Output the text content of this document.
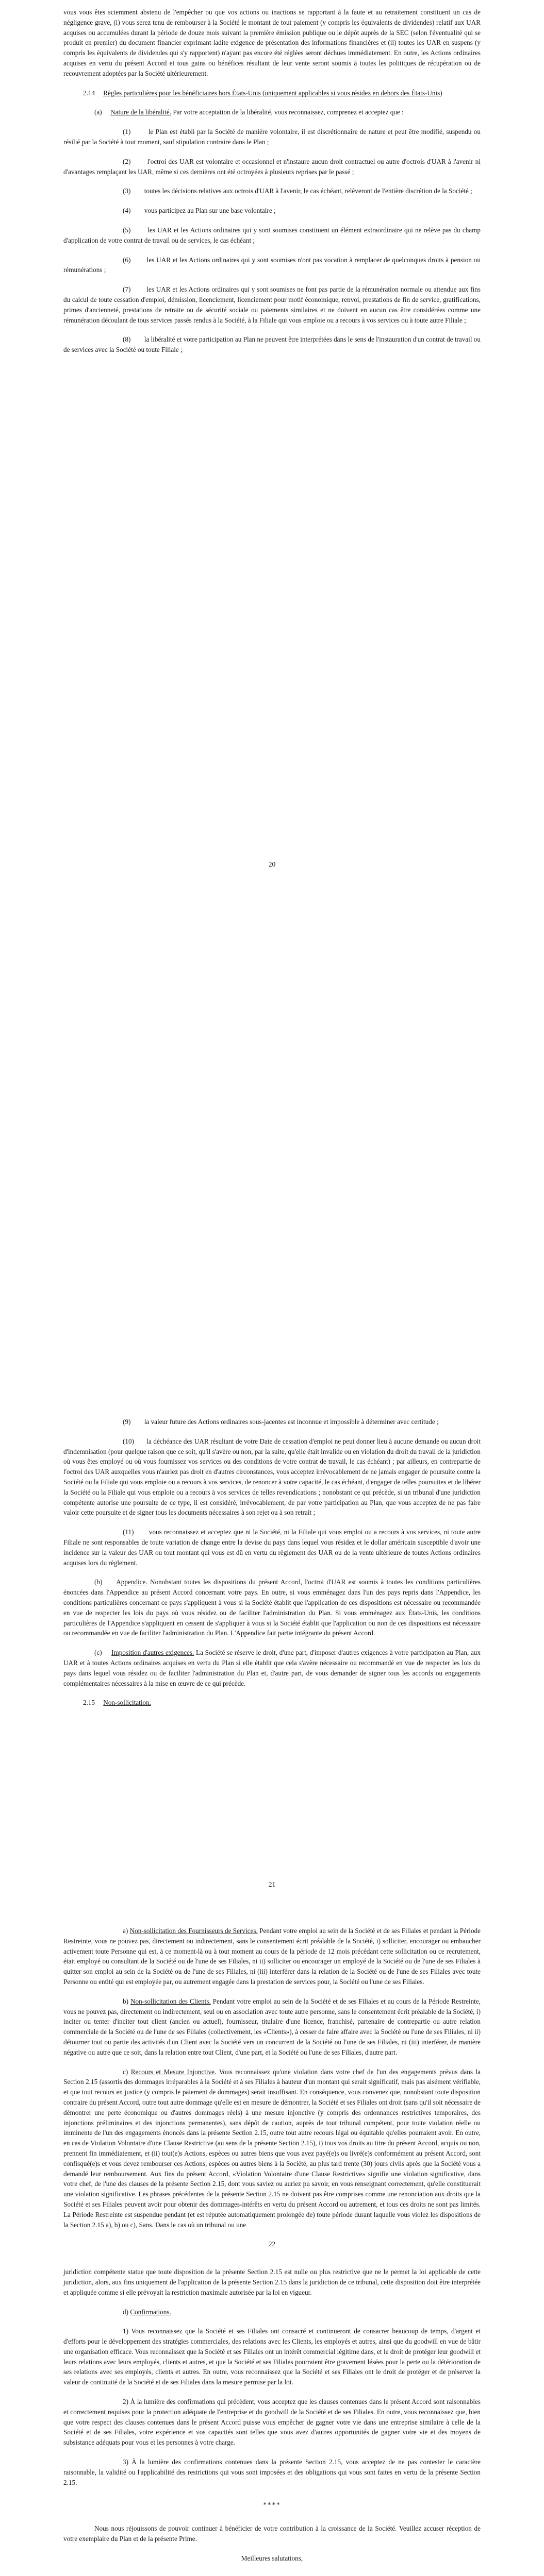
vous vous êtes sciemment abstenu de l'empêcher ou que vos actions ou inactions se rapportant à la faute et au retraitement constituent un cas de négligence grave, (i) vous serez tenu de rembourser à la Société le montant de tout paiement (y compris les équivalents de dividendes) relatif aux UAR acquises ou accumulées durant la période de douze mois suivant la première émission publique ou le dépôt auprès de la SEC (selon l'éventualité qui se produit en premier) du document financier exprimant ladite exigence de présentation des informations financières et (ii) toutes les UAR en suspens (y compris les équivalents de dividendes qui s'y rapportent) n'ayant pas encore été réglées seront déchues immédiatement. En outre, les Actions ordinaires acquises en vertu du présent Accord et tous gains ou bénéfices résultant de leur vente seront soumis à toutes les politiques de récupération ou de recouvrement adoptées par la Société ultérieurement.

2.14 Règles particulières pour les bénéficiaires hors États-Unis (uniquement applicables si vous résidez en dehors des États-Unis)

(a) Nature de la libéralité. Par votre acceptation de la libéralité, vous reconnaissez, comprenez et acceptez que :

(1)        le Plan est établi par la Société de manière volontaire, il est discrétionnaire de nature et peut être modifié, suspendu ou résilié par la Société à tout moment, sauf stipulation contraire dans le Plan ;

(2)        l'octroi des UAR est volontaire et occasionnel et n'instaure aucun droit contractuel ou autre d'octrois d'UAR à l'avenir ni d'avantages remplaçant les UAR, même si ces dernières ont été octroyées à plusieurs reprises par le passé ;

(3)        toutes les décisions relatives aux octrois d'UAR à l'avenir, le cas échéant, relèveront de l'entière discrétion de la Société ;

(4)        vous participez au Plan sur une base volontaire ;

(5)        les UAR et les Actions ordinaires qui y sont soumises constituent un élément extraordinaire qui ne relève pas du champ d'application de votre contrat de travail ou de services, le cas échéant ;

(6)        les UAR et les Actions ordinaires qui y sont soumises n'ont pas vocation à remplacer de quelconques droits à pension ou rémunérations ;

(7)        les UAR et les Actions ordinaires qui y sont soumises ne font pas partie de la rémunération normale ou attendue aux fins du calcul de toute cessation d'emploi, démission, licenciement, licenciement pour motif économique, renvoi, prestations de fin de service, gratifications, primes d'ancienneté, prestations de retraite ou de sécurité sociale ou paiements similaires et ne doivent en aucun cas être considérées comme une rémunération découlant de tous services passés rendus à la Société, à la Filiale qui vous emploie ou a recours à vos services ou à toute autre Filiale ;

(8)        la libéralité et votre participation au Plan ne peuvent être interprétées dans le sens de l'instauration d'un contrat de travail ou de services avec la Société ou toute Filiale ;

20

(9)        la valeur future des Actions ordinaires sous-jacentes est inconnue et impossible à déterminer avec certitude ;

(10)       la déchéance des UAR résultant de votre Date de cessation d'emploi ne peut donner lieu à aucune demande ou aucun droit d'indemnisation (pour quelque raison que ce soit, qu'il s'avère ou non, par la suite, qu'elle était invalide ou en violation du droit du travail de la juridiction où vous êtes employé ou où vous fournissez vos services ou des conditions de votre contrat de travail, le cas échéant) ; par ailleurs, en contrepartie de l'octroi des UAR auxquelles vous n'auriez pas droit en d'autres circonstances, vous acceptez irrévocablement de ne jamais engager de poursuite contre la Société ou la Filiale qui vous emploie ou a recours à vos services, de renoncer à votre capacité, le cas échéant, d'engager de telles poursuites et de libérer la Société ou la Filiale qui vous emploie ou a recours à vos services de telles revendications ; nonobstant ce qui précède, si un tribunal d'une juridiction compétente autorise une poursuite de ce type, il est considéré, irrévocablement, de par votre participation au Plan, que vous acceptez de ne pas faire valoir cette poursuite et de signer tous les documents nécessaires à son rejet ou à son retrait ;

(11)       vous reconnaissez et acceptez que ni la Société, ni la Filiale qui vous emploi ou a recours à vos services, ni toute autre Filiale ne sont responsables de toute variation de change entre la devise du pays dans lequel vous résidez et le dollar américain susceptible d'avoir une incidence sur la valeur des UAR ou tout montant qui vous est dû en vertu du règlement des UAR ou de la vente ultérieure de toutes Actions ordinaires acquises lors du règlement.

(b) Appendice. Nonobstant toutes les dispositions du présent Accord, l'octroi d'UAR est soumis à toutes les conditions particulières énoncées dans l'Appendice au présent Accord concernant votre pays. En outre, si vous emménagez dans l'un des pays repris dans l'Appendice, les conditions particulières concernant ce pays s'appliquent à vous si la Société établit que l'application de ces dispositions est nécessaire ou recommandée en vue de respecter les lois du pays où vous résidez ou de faciliter l'administration du Plan. Si vous emménagez aux États-Unis, les conditions particulières de l'Appendice s'appliquent en cessent de s'appliquer à vous si la Société établit que l'application ou non de ces dispositions est nécessaire ou recommandée en vue de faciliter l'administration du Plan. L'Appendice fait partie intégrante du présent Accord.

(c) Imposition d'autres exigences. La Société se réserve le droit, d'une part, d'imposer d'autres exigences à votre participation au Plan, aux UAR et à toutes Actions ordinaires acquises en vertu du Plan si elle établit que cela s'avère nécessaire ou recommandé en vue de respecter les lois du pays dans lequel vous résidez ou de faciliter l'administration du Plan et, d'autre part, de vous demander de signer tous les accords ou engagements complémentaires nécessaires à la mise en œuvre de ce qui précède.

2.15 Non-sollicitation.

21

a) Non-sollicitation des Fournisseurs de Services. Pendant votre emploi au sein de la Société et de ses Filiales et pendant la Période Restreinte, vous ne pouvez pas, directement ou indirectement, sans le consentement écrit préalable de la Société, i) solliciter, encourager ou embaucher activement toute Personne qui est, à ce moment-là ou à tout moment au cours de la période de 12 mois précédant cette sollicitation ou ce recrutement, était employé ou consultant de la Société ou de l'une de ses Filiales, ni ii) solliciter ou encourager un employé de la Société ou de l'une de ses Filiales à quitter son emploi au sein de la Société ou de l'une de ses Filiales, ni (iii) interférer dans la relation de la Société ou de l'une de ses Filiales avec toute Personne ou entité qui est employée par, ou autrement engagée dans la prestation de services pour, la Société ou l'une de ses Filiales.

b) Non-sollicitation des Clients. Pendant votre emploi au sein de la Société et de ses Filiales et au cours de la Période Restreinte, vous ne pouvez pas, directement ou indirectement, seul ou en association avec toute autre personne, sans le consentement écrit préalable de la Société, i) inciter ou tenter d'inciter tout client (ancien ou actuel), fournisseur, titulaire d'une licence, franchisé, partenaire de contrepartie ou autre relation commerciale de la Société ou de l'une de ses Filiales (collectivement, les «Clients»), à cesser de faire affaire avec la Société ou l'une de ses Filiales, ni ii) détourner tout ou partie des activités d'un Client avec la Société vers un concurrent de la Société ou l'une de ses Filiales, ni (iii) interférer, de manière négative ou autre que ce soit, dans la relation entre tout Client, d'une part, et la Société ou l'une de ses Filiales, d'autre part.

c) Recours et Mesure Injonctive. Vous reconnaissez qu'une violation dans votre chef de l'un des engagements prévus dans la Section 2.15 (assortis des dommages irréparables à la Société et à ses Filiales à hauteur d'un montant qui serait significatif, mais pas aisément vérifiable, et que tout recours en justice (y compris le paiement de dommages) serait insuffisant. En conséquence, vous convenez que, nonobstant toute disposition contraire du présent Accord, outre tout autre dommage qu'elle est en mesure de démontrer, la Société et ses Filiales ont droit (sans qu'il soit nécessaire de démontrer une perte économique ou d'autres dommages réels) à une mesure injonctive (y compris des ordonnances restrictives temporaires, des injonctions préliminaires et des injonctions permanentes), sans dépôt de caution, auprès de tout tribunal compétent, pour toute violation réelle ou imminente de l'un des engagements énoncés dans la présente Section 2.15, outre tout autre recours légal ou équitable qu'elles pourraient avoir. En outre, en cas de Violation Volontaire d'une Clause Restrictive (au sens de la présente Section 2.15), i) tous vos droits au titre du présent Accord, acquis ou non, prennent fin immédiatement, et (ii) tout(e)s Actions, espèces ou autres biens que vous avez payé(e)s ou livré(e)s conformément au présent Accord, sont confisqué(e)s et vous devez rembourser ces Actions, espèces ou autres biens à la Société, au plus tard trente (30) jours civils après que la Société vous a demandé leur remboursement. Aux fins du présent Accord, «Violation Volontaire d'une Clause Restrictive» signifie une violation significative, dans votre chef, de l'une des clauses de la présente Section 2.15, dont vous saviez ou auriez pu savoir, en vous renseignant correctement, qu'elle constituerait une violation significative. Les phrases précédentes de la présente Section 2.15 ne doivent pas être comprises comme une renonciation aux droits que la Société et ses Filiales peuvent avoir pour obtenir des dommages-intérêts en vertu du présent Accord ou autrement, et tous ces droits ne sont pas limités. La Période Restreinte est suspendue pendant (et est réputée automatiquement prolongée de) toute période durant laquelle vous violez les dispositions de la Section 2.15 a), b) ou c), Sans. Dans le cas où un tribunal ou une

22

juridiction compétente statue que toute disposition de la présente Section 2.15 est nulle ou plus restrictive que ne le permet la loi applicable de cette juridiction, alors, aux fins uniquement de l'application de la présente Section 2.15 dans la juridiction de ce tribunal, cette disposition doit être interprétée et appliquée comme si elle prévoyait la restriction maximale autorisée par la loi en vigueur.

d) Confirmations.

1) Vous reconnaissez que la Société et ses Filiales ont consacré et continueront de consacrer beaucoup de temps, d'argent et d'efforts pour le développement des stratégies commerciales, des relations avec les Clients, les employés et autres, ainsi que du goodwill en vue de bâtir une organisation efficace. Vous reconnaissez que la Société et ses Filiales ont un intérêt commercial légitime dans, et le droit de protéger leur goodwill et leurs relations avec leurs employés, clients et autres, et que la Société et ses Filiales pourraient être gravement lésées pour la perte ou la détérioration de ses relations avec ses employés, clients et autres. En outre, vous reconnaissez que la Société et ses Filiales ont le droit de protéger et de préserver la valeur de continuité de la Société et de ses Filiales dans la mesure permise par la loi.

2) À la lumière des confirmations qui précèdent, vous acceptez que les clauses contenues dans le présent Accord sont raisonnables et correctement requises pour la protection adéquate de l'entreprise et du goodwill de la Société et de ses Filiales. En outre, vous reconnaissez que, bien que votre respect des clauses contenues dans le présent Accord puisse vous empêcher de gagner votre vie dans une entreprise similaire à celle de la Société et de ses Filiales, votre expérience et vos capacités sont telles que vous avez d'autres opportunités de gagner votre vie et des moyens de subsistance adéquats pour vous et les personnes à votre charge.

3) À la lumière des confirmations contenues dans la présente Section 2.15, vous acceptez de ne pas contester le caractère raisonnable, la validité ou l'applicabilité des restrictions qui vous sont imposées et des obligations qui vous sont faites en vertu de la présente Section 2.15.

****

Nous nous réjouissons de pouvoir continuer à bénéficier de votre contribution à la croissance de la Société. Veuillez accuser réception de votre exemplaire du Plan et de la présente Prime.

Meilleures salutations,
